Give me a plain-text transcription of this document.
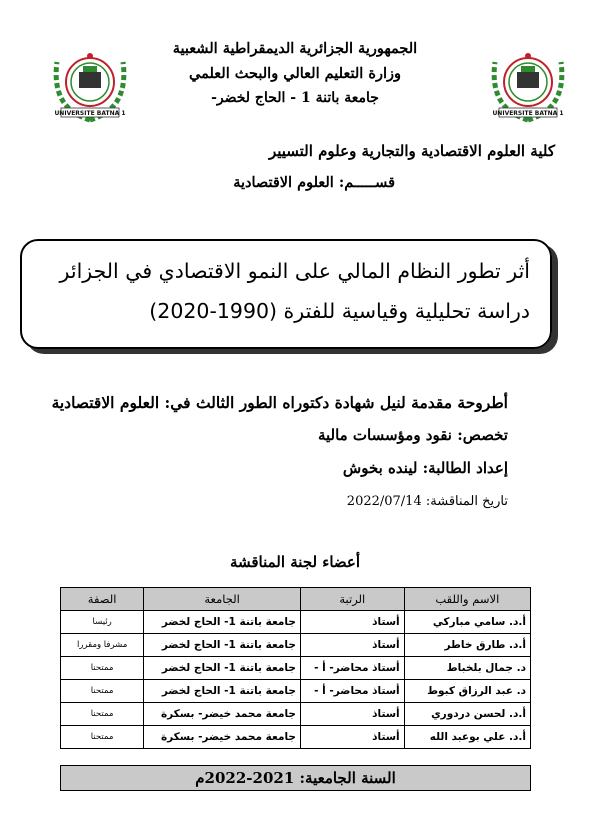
UNIVERSITE BATNA 1	UNIVERSITE BATNA 1
الجمهورية الجزائرية الديمقراطية الشعبية
وزارة التعليم العالي والبحث العلمي
جامعة باتنة 1 - الحاج لخضر-
كلية العلوم الاقتصادية والتجارية وعلوم التسيير
قســـــم: العلوم الاقتصادية
أثر تطور النظام المالي على النمو الاقتصادي في الجزائر دراسة تحليلية وقياسية للفترة (1990-2020)
أطروحة مقدمة لنيل شهادة دكتوراه الطور الثالث في: العلوم الاقتصادية
تخصص: نقود ومؤسسات مالية
إعداد الطالبة: لينده بخوش
تاريخ المناقشة: 2022/07/14
أعضاء لجنة المناقشة
الاسم واللقب	الرتبة	الجامعة	الصفة
أ.د. سامي مباركي	أستاذ	جامعة باتنة 1- الحاج لخضر	رئيسا
أ.د. طارق خاطر	أستاذ	جامعة باتنة 1- الحاج لخضر	مشرفا ومقررا
د. جمال بلخباط	أستاذ محاضر- أ -	جامعة باتنة 1- الحاج لخضر	ممتحنا
د. عبد الرزاق كبوط	أستاذ محاضر- أ -	جامعة باتنة 1- الحاج لخضر	ممتحنا
أ.د. لحسن دردوري	أستاذ	جامعة محمد خيضر- بسكرة	ممتحنا
أ.د. علي بوعبد الله	أستاذ	جامعة محمد خيضر- بسكرة	ممتحنا
السنة الجامعية: 2021-2022م
